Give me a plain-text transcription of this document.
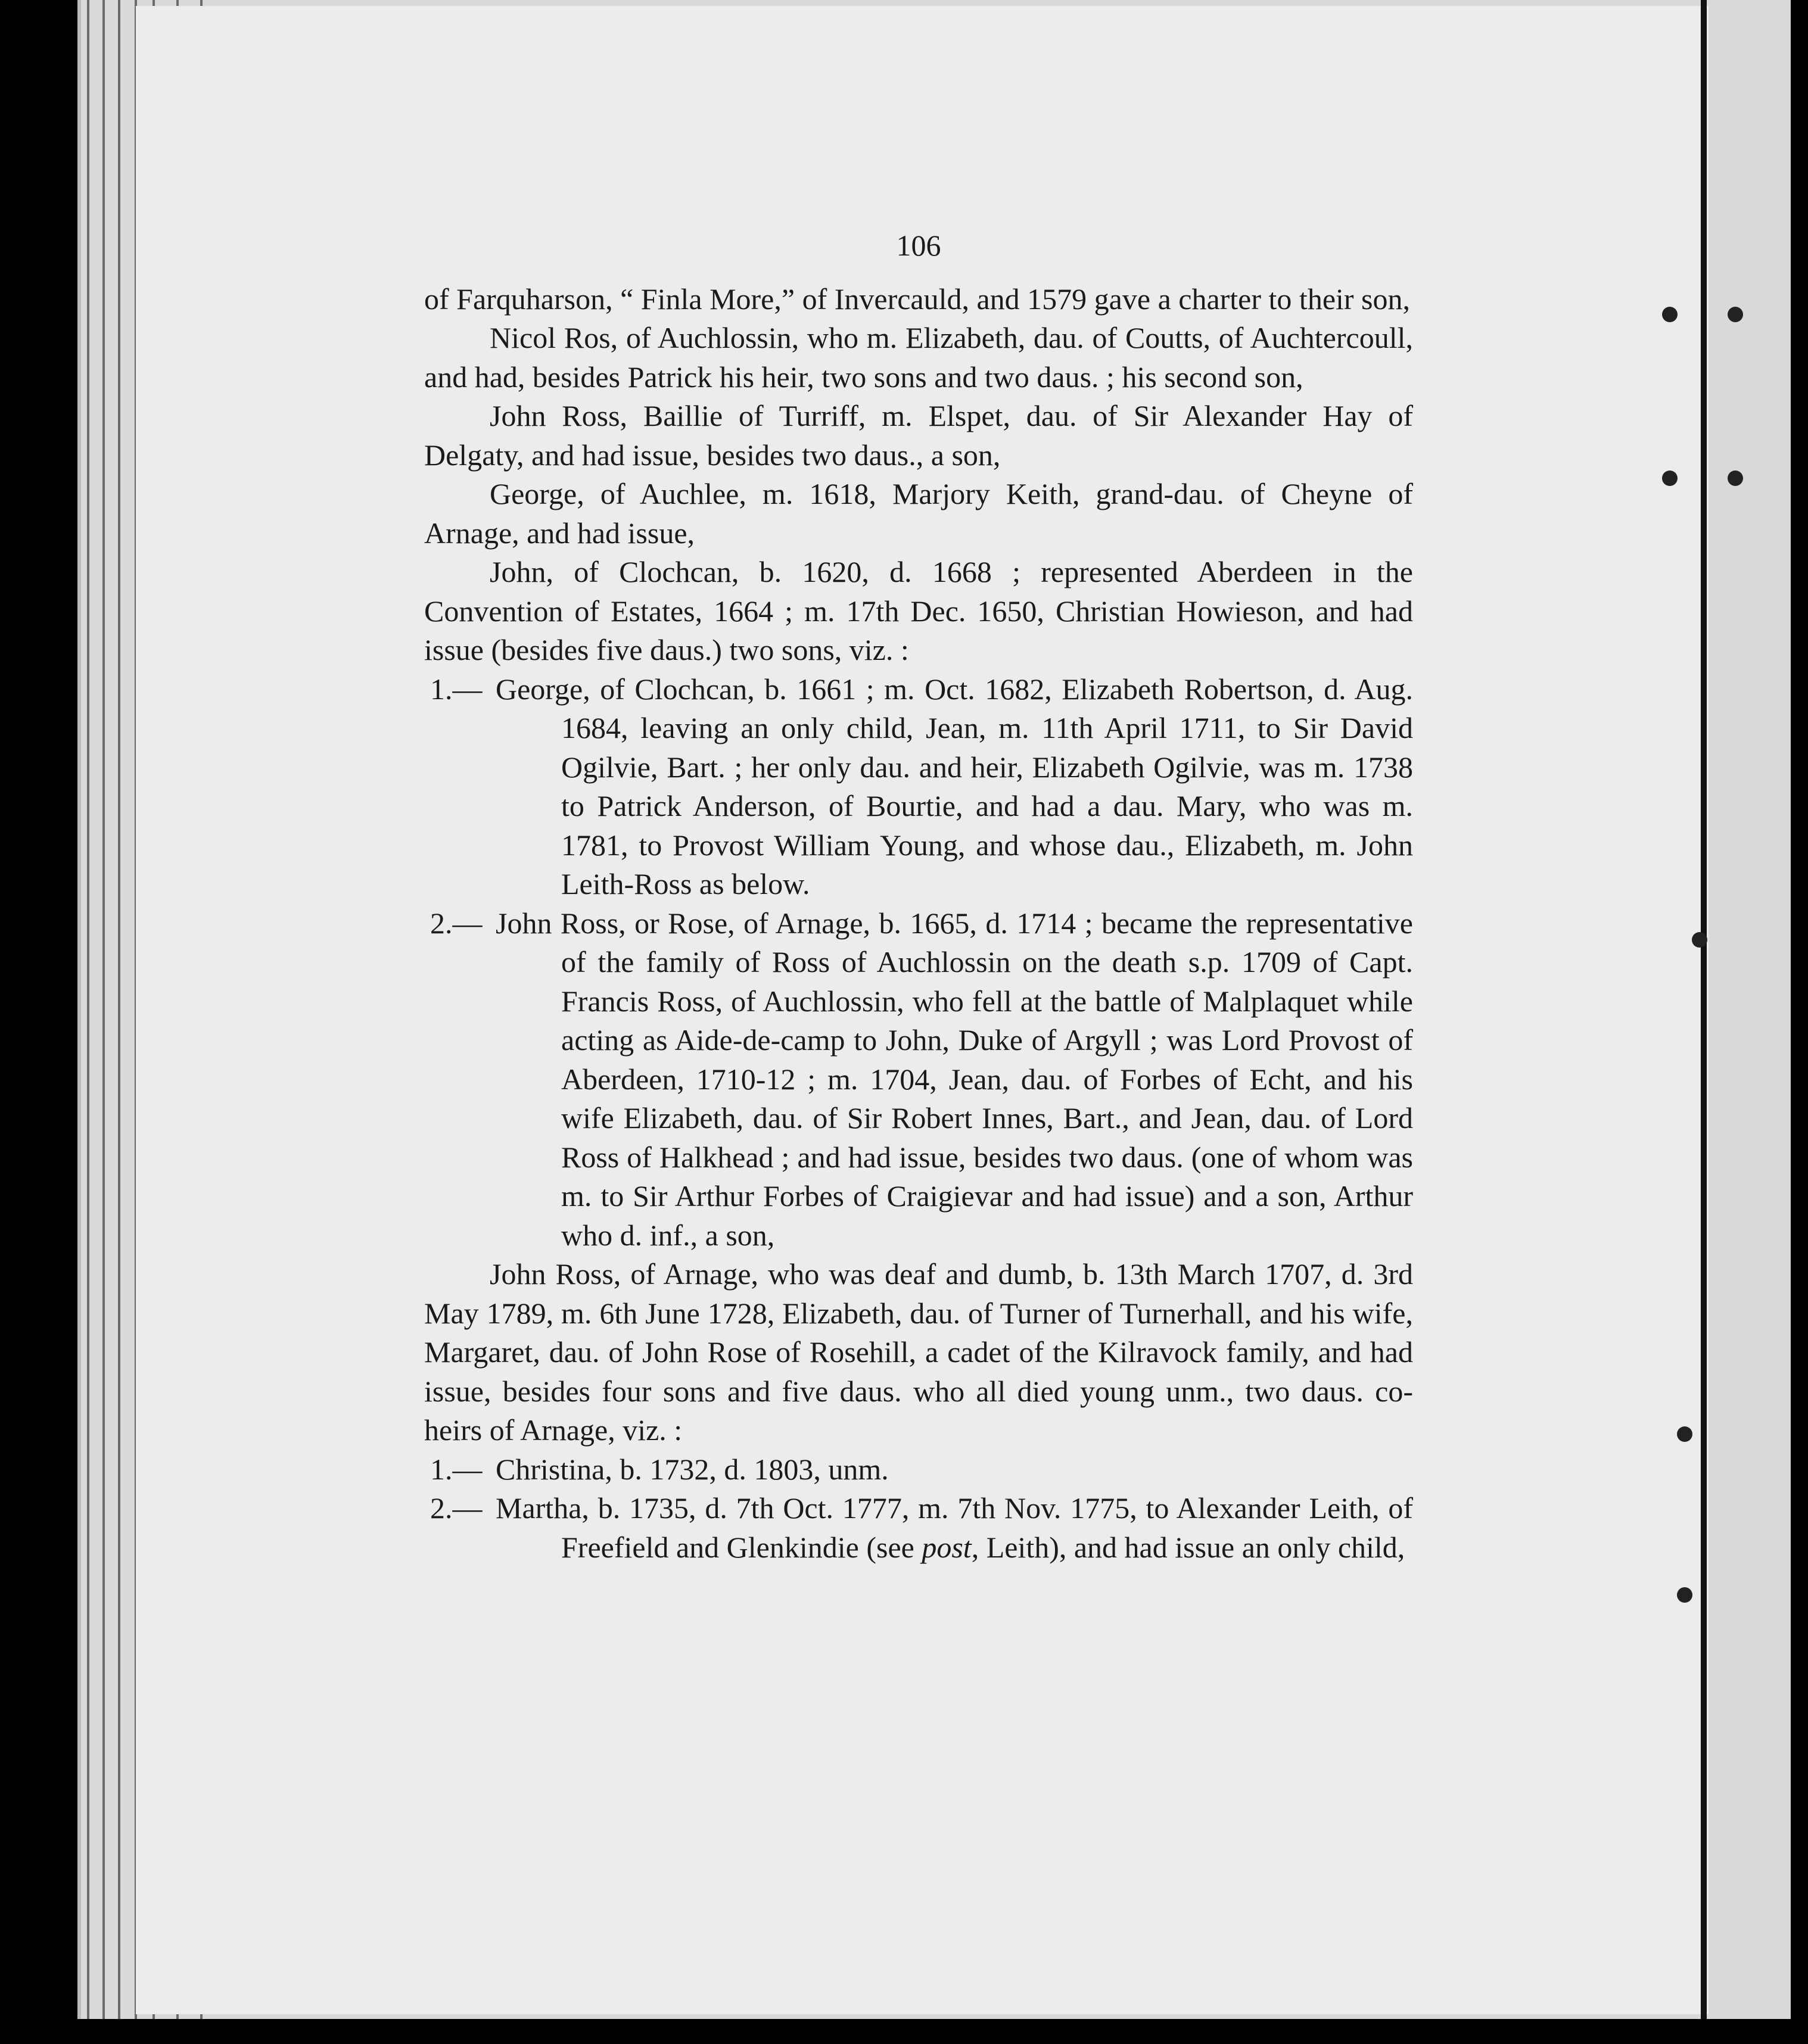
106

of Farquharson, “ Finla More,” of Invercauld, and 1579 gave a charter to their son,

Nicol Ros, of Auchlossin, who m. Elizabeth, dau. of Coutts, of Auchtercoull, and had, besides Patrick his heir, two sons and two daus. ; his second son,

John Ross, Baillie of Turriff, m. Elspet, dau. of Sir Alexander Hay of Delgaty, and had issue, besides two daus., a son,

George, of Auchlee, m. 1618, Marjory Keith, grand-dau. of Cheyne of Arnage, and had issue,

John, of Clochcan, b. 1620, d. 1668 ; represented Aberdeen in the Convention of Estates, 1664 ; m. 17th Dec. 1650, Christian Howieson, and had issue (besides five daus.) two sons, viz. :

1.— George, of Clochcan, b. 1661 ; m. Oct. 1682, Elizabeth Robertson, d. Aug. 1684, leaving an only child, Jean, m. 11th April 1711, to Sir David Ogilvie, Bart. ; her only dau. and heir, Elizabeth Ogilvie, was m. 1738 to Patrick Anderson, of Bourtie, and had a dau. Mary, who was m. 1781, to Provost William Young, and whose dau., Elizabeth, m. John Leith-Ross as below.

2.— John Ross, or Rose, of Arnage, b. 1665, d. 1714 ; became the representative of the family of Ross of Auchlossin on the death s.p. 1709 of Capt. Francis Ross, of Auchlossin, who fell at the battle of Malplaquet while acting as Aide-de-camp to John, Duke of Argyll ; was Lord Provost of Aberdeen, 1710-12 ; m. 1704, Jean, dau. of Forbes of Echt, and his wife Elizabeth, dau. of Sir Robert Innes, Bart., and Jean, dau. of Lord Ross of Halkhead ; and had issue, besides two daus. (one of whom was m. to Sir Arthur Forbes of Craigievar and had issue) and a son, Arthur who d. inf., a son,

John Ross, of Arnage, who was deaf and dumb, b. 13th March 1707, d. 3rd May 1789, m. 6th June 1728, Elizabeth, dau. of Turner of Turnerhall, and his wife, Margaret, dau. of John Rose of Rosehill, a cadet of the Kilravock family, and had issue, besides four sons and five daus. who all died young unm., two daus. co-heirs of Arnage, viz. :

1.— Christina, b. 1732, d. 1803, unm.

2.— Martha, b. 1735, d. 7th Oct. 1777, m. 7th Nov. 1775, to Alexander Leith, of Freefield and Glenkindie (see post, Leith), and had issue an only child,
